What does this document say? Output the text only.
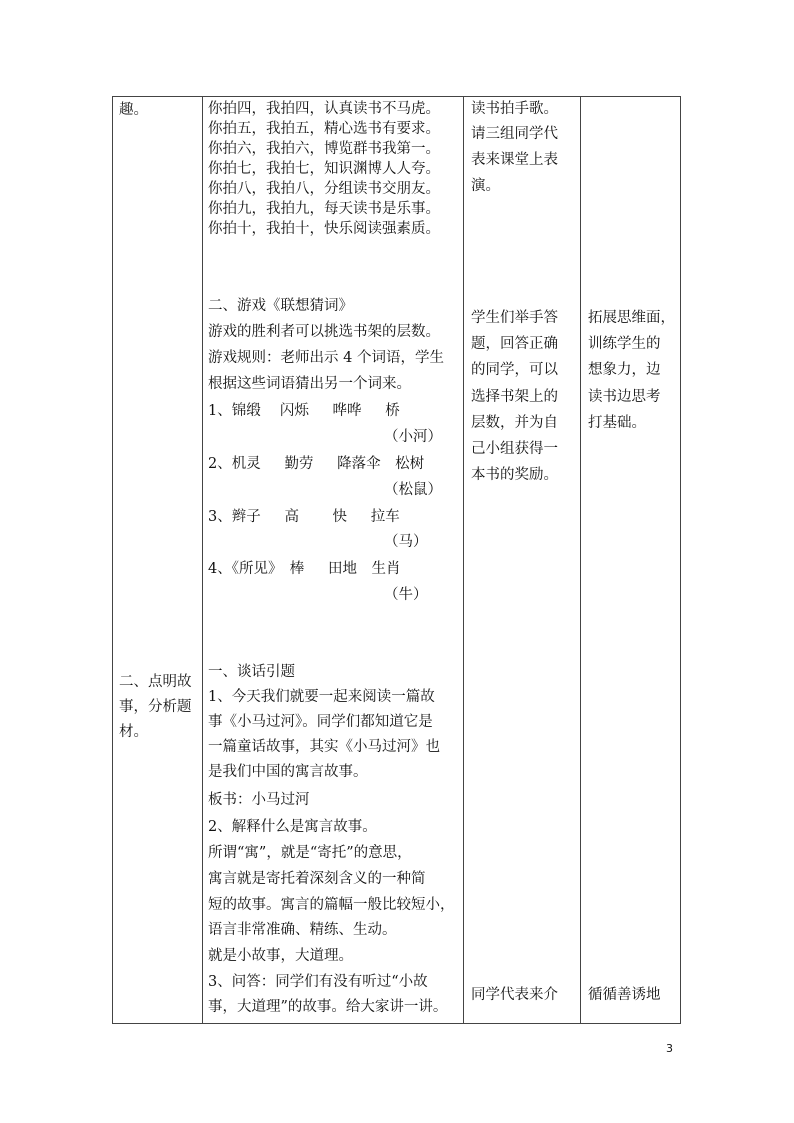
趣。
二、点明故
事，分析题
材。
你拍四，我拍四，认真读书不马虎。
你拍五，我拍五，精心选书有要求。
你拍六，我拍六，博览群书我第一。
你拍七，我拍七，知识渊博人人夸。
你拍八，我拍八，分组读书交朋友。
你拍九，我拍九，每天读书是乐事。
你拍十，我拍十，快乐阅读强素质。
二、游戏《联想猜词》
游戏的胜利者可以挑选书架的层数。
游戏规则：老师出示 4 个词语，学生
根据这些词语猜出另一个词来。
1、锦缎　 闪烁 　 哗哗 　 桥
（小河）
2、机灵 　 勤劳 　 降落伞　松树
（松鼠）
3、辫子 　 高 　　快 　 拉车
（马）
4、《所见》　棒 　 田地　生肖
（牛）
一、谈话引题
1、今天我们就要一起来阅读一篇故
事《小马过河》。同学们都知道它是
一篇童话故事，其实《小马过河》也
是我们中国的寓言故事。
板书：小马过河
2、解释什么是寓言故事。
所谓“寓”，就是“寄托”的意思，
寓言就是寄托着深刻含义的一种简
短的故事。寓言的篇幅一般比较短小，
语言非常准确、精练、生动。
就是小故事，大道理。
3、问答：同学们有没有听过“小故
事，大道理”的故事。给大家讲一讲。
读书拍手歌。
请三组同学代
表来课堂上表
演。
学生们举手答
题，回答正确
的同学，可以
选择书架上的
层数，并为自
己小组获得一
本书的奖励。
同学代表来介
拓展思维面，
训练学生的
想象力，边
读书边思考
打基础。
循循善诱地
3
